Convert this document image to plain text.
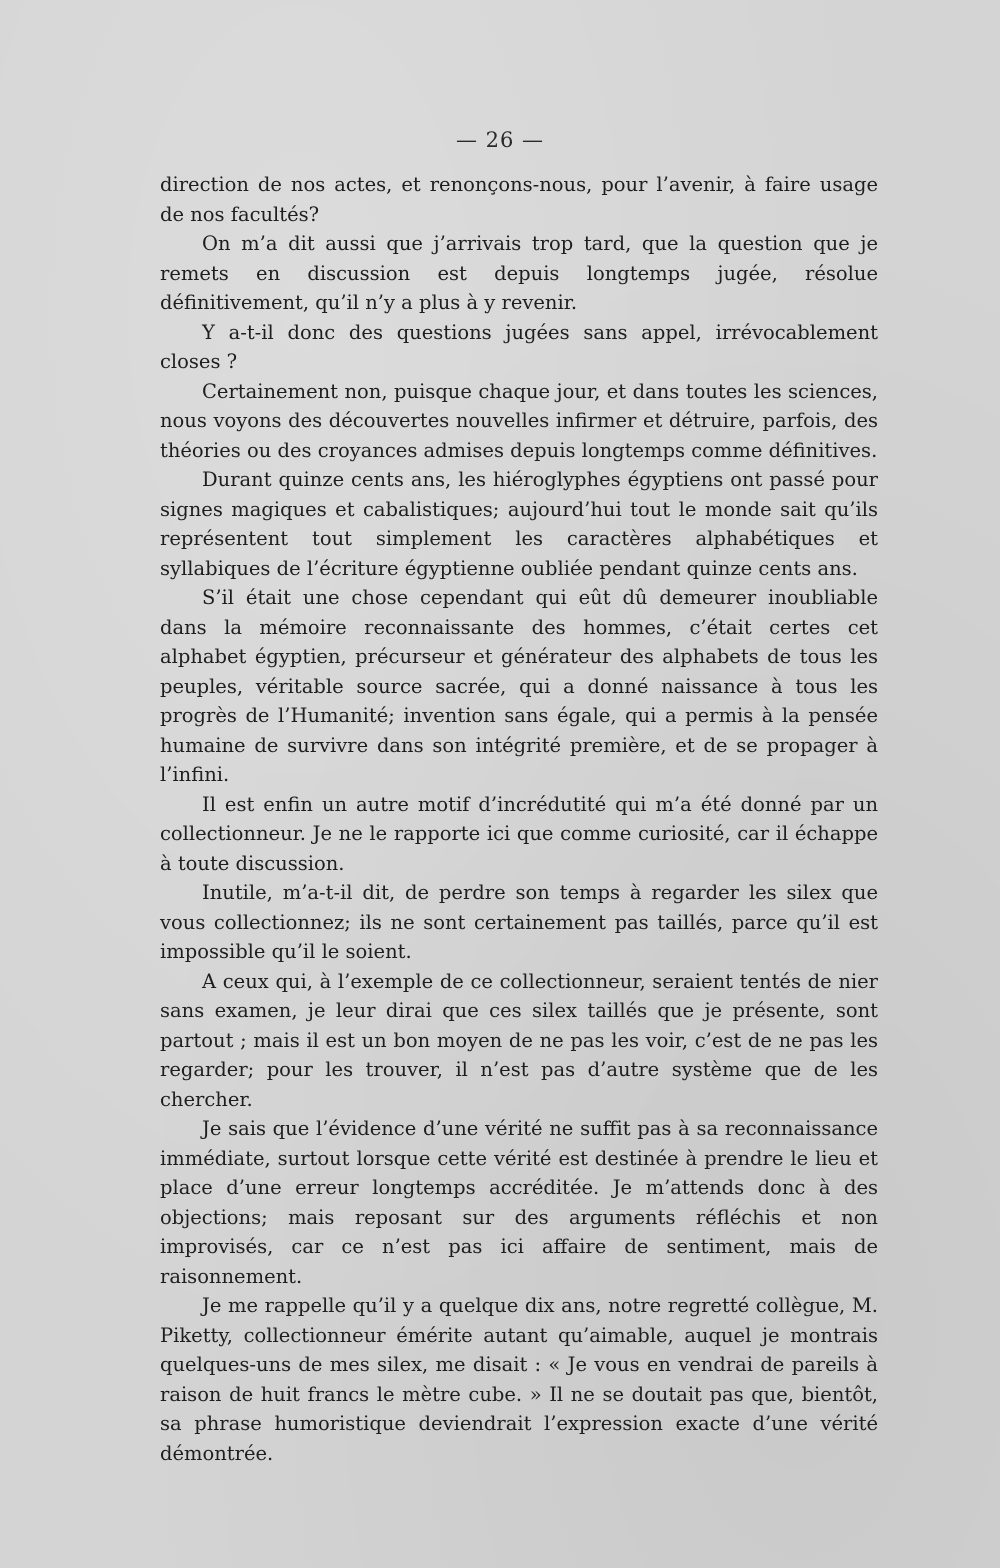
— 26 —

direction de nos actes, et renonçons-nous, pour l’avenir, à faire usage de nos facultés?

On m’a dit aussi que j’arrivais trop tard, que la question que je remets en discussion est depuis longtemps jugée, résolue définitivement, qu’il n’y a plus à y revenir.

Y a-t-il donc des questions jugées sans appel, irrévocablement closes ?

Certainement non, puisque chaque jour, et dans toutes les sciences, nous voyons des découvertes nouvelles infirmer et détruire, parfois, des théories ou des croyances admises depuis longtemps comme définitives.

Durant quinze cents ans, les hiéroglyphes égyptiens ont passé pour signes magiques et cabalistiques; aujourd’hui tout le monde sait qu’ils représentent tout simplement les caractères alphabétiques et syllabiques de l’écriture égyptienne oubliée pendant quinze cents ans.

S’il était une chose cependant qui eût dû demeurer inoubliable dans la mémoire reconnaissante des hommes, c’était certes cet alphabet égyptien, précurseur et générateur des alphabets de tous les peuples, véritable source sacrée, qui a donné naissance à tous les progrès de l’Humanité; invention sans égale, qui a permis à la pensée humaine de survivre dans son intégrité première, et de se propager à l’infini.

Il est enfin un autre motif d’incrédutité qui m’a été donné par un collectionneur. Je ne le rapporte ici que comme curiosité, car il échappe à toute discussion.

Inutile, m’a-t-il dit, de perdre son temps à regarder les silex que vous collectionnez; ils ne sont certainement pas taillés, parce qu’il est impossible qu’il le soient.

A ceux qui, à l’exemple de ce collectionneur, seraient tentés de nier sans examen, je leur dirai que ces silex taillés que je présente, sont partout ; mais il est un bon moyen de ne pas les voir, c’est de ne pas les regarder; pour les trouver, il n’est pas d’autre système que de les chercher.

Je sais que l’évidence d’une vérité ne suffit pas à sa reconnaissance immédiate, surtout lorsque cette vérité est destinée à prendre le lieu et place d’une erreur longtemps accréditée. Je m’attends donc à des objections; mais reposant sur des arguments réfléchis et non improvisés, car ce n’est pas ici affaire de sentiment, mais de raisonnement.

Je me rappelle qu’il y a quelque dix ans, notre regretté collègue, M. Piketty, collectionneur émérite autant qu’aimable, auquel je montrais quelques-uns de mes silex, me disait : « Je vous en vendrai de pareils à raison de huit francs le mètre cube. » Il ne se doutait pas que, bientôt, sa phrase humoristique deviendrait l’expression exacte d’une vérité démontrée.
